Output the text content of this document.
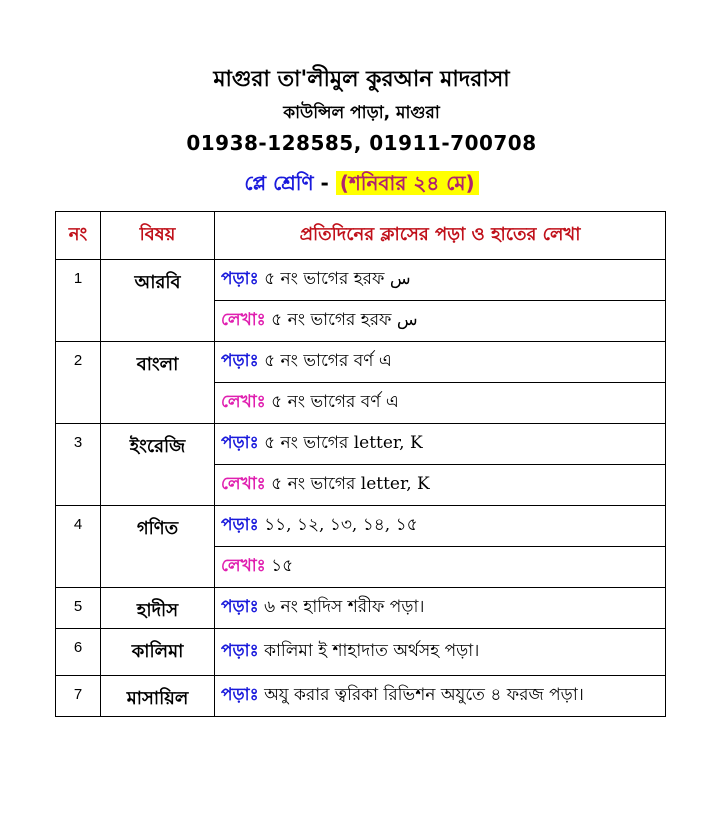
মাগুরা তা'লীমুল কুরআন মাদরাসা
কাউন্সিল পাড়া, মাগুরা
01938-128585, 01911-700708
প্লে শ্রেণি - (শনিবার ২৪ মে)
নং	বিষয়	প্রতিদিনের ক্লাসের পড়া ও হাতের লেখা
1	আরবি	পড়াঃ ৫ নং ভাগের হরফ س
		লেখাঃ ৫ নং ভাগের হরফ س
2	বাংলা	পড়াঃ ৫ নং ভাগের বর্ণ এ
		লেখাঃ ৫ নং ভাগের বর্ণ এ
3	ইংরেজি	পড়াঃ ৫ নং ভাগের letter, K
		লেখাঃ ৫ নং ভাগের letter, K
4	গণিত	পড়াঃ ১১, ১২, ১৩, ১৪, ১৫
		লেখাঃ ১৫
5	হাদীস	পড়াঃ ৬ নং হাদিস শরীফ পড়া।
6	কালিমা	পড়াঃ কালিমা ই শাহাদাত অর্থসহ পড়া।
7	মাসায়িল	পড়াঃ অযু করার ত্বরিকা রিভিশন অযুতে ৪ ফরজ পড়া।
